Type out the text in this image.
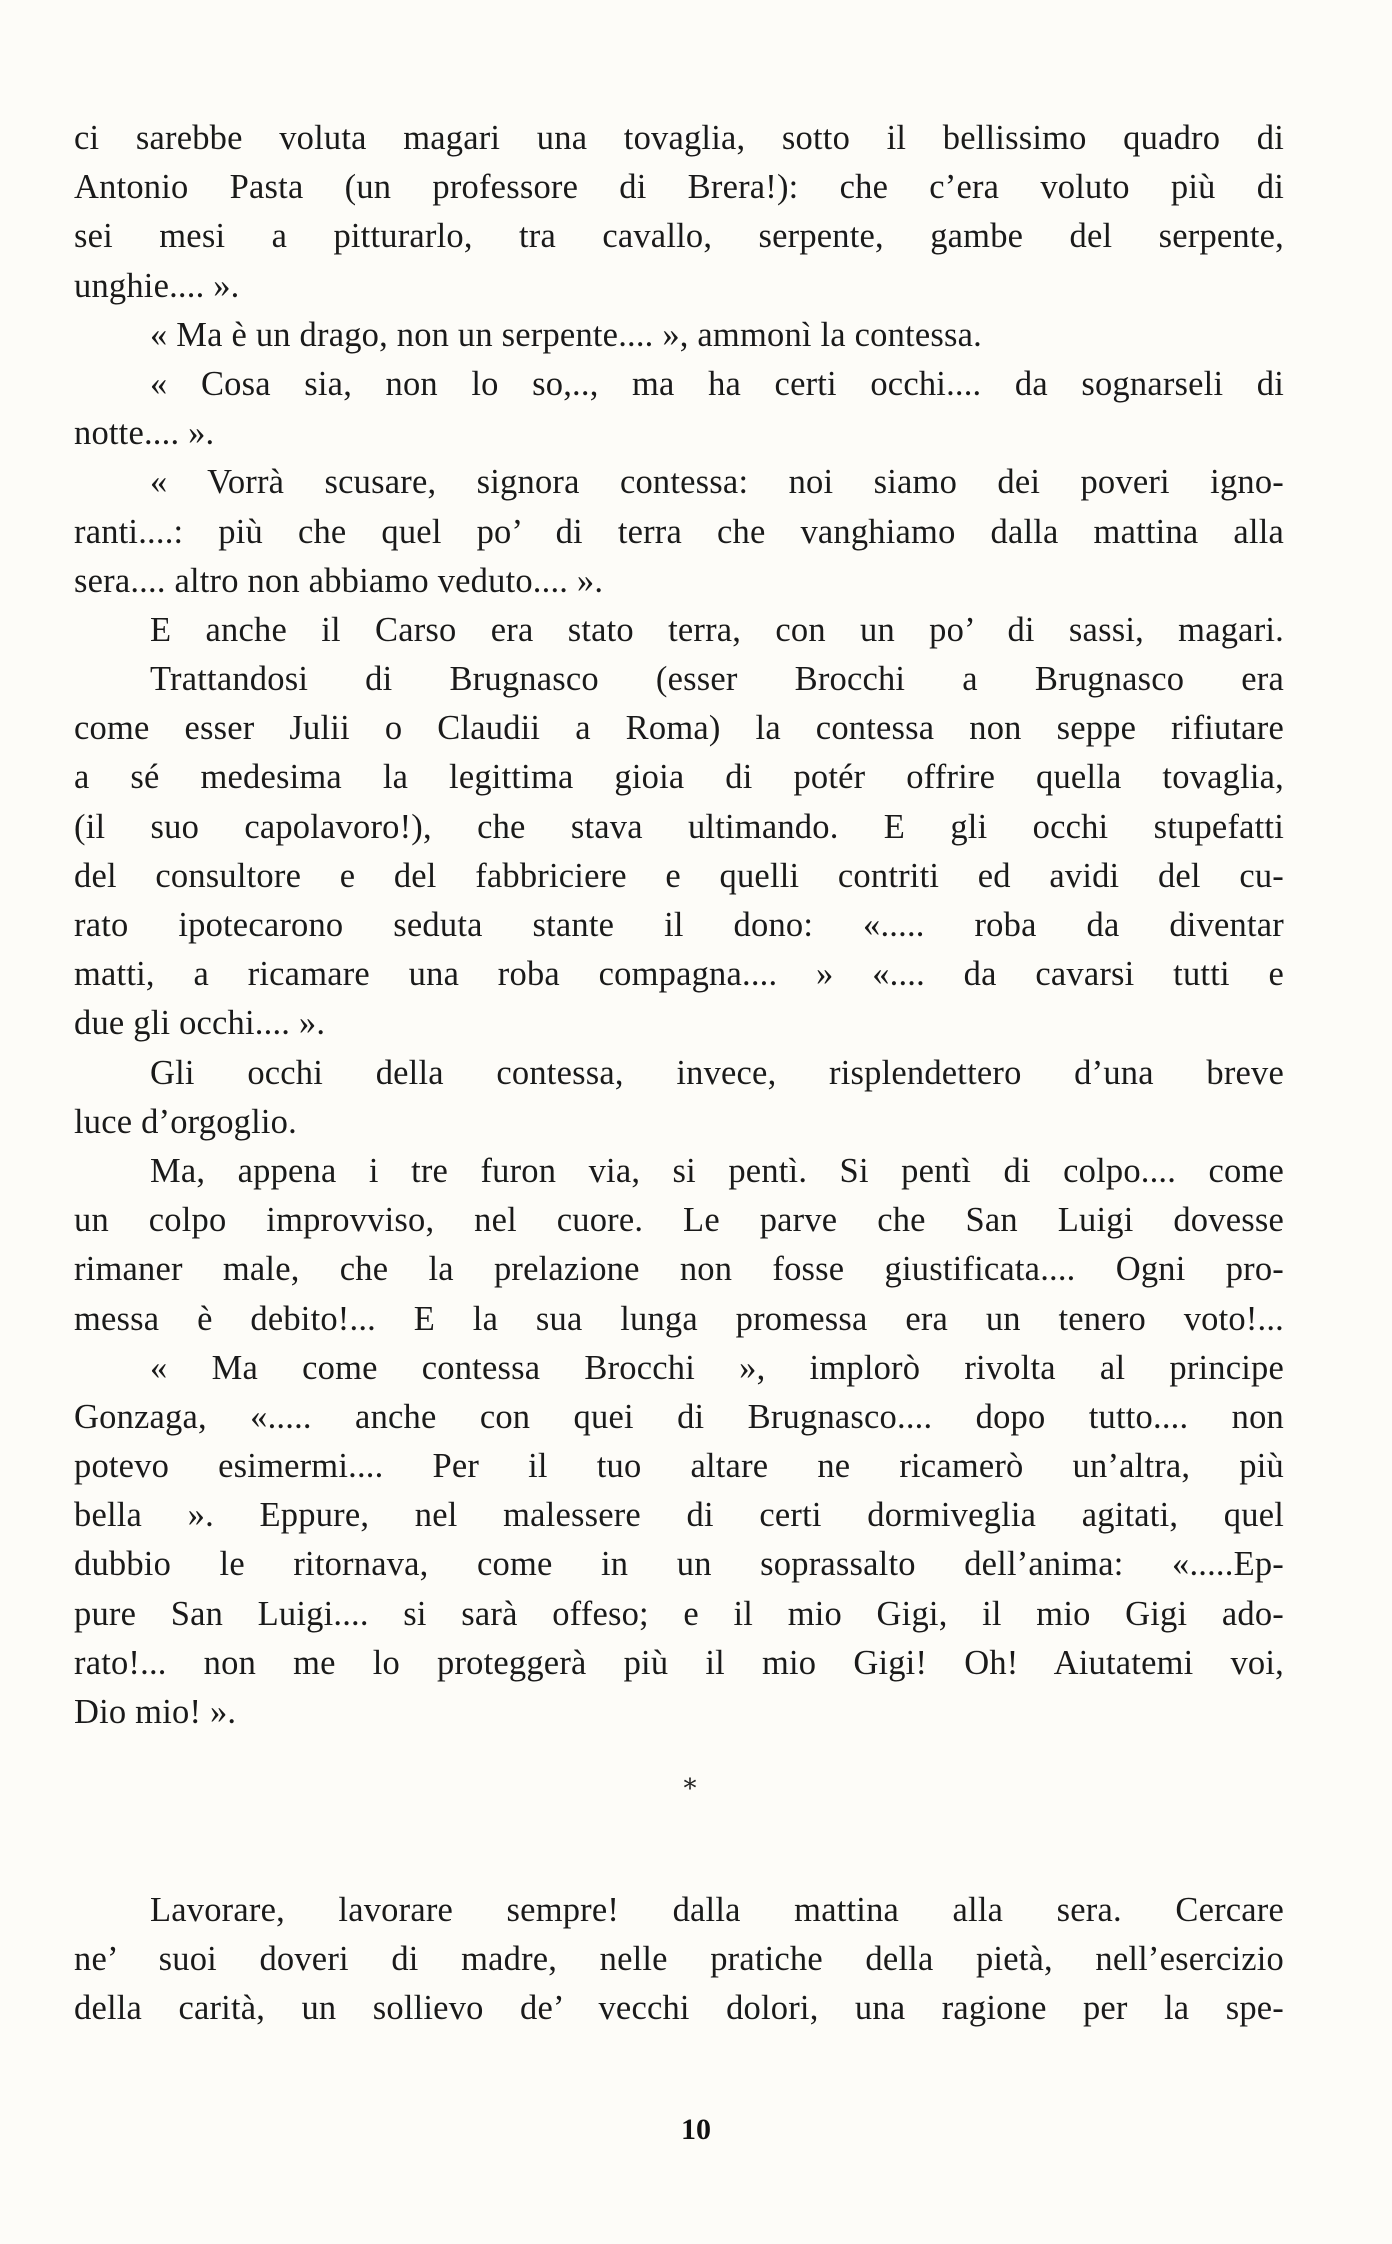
ci sarebbe voluta magari una tovaglia, sotto il bellissimo quadro di
Antonio Pasta (un professore di Brera!): che c’era voluto più di
sei mesi a pitturarlo, tra cavallo, serpente, gambe del serpente,
unghie.... ».
« Ma è un drago, non un serpente.... », ammonì la contessa.
« Cosa sia, non lo so,.., ma ha certi occhi.... da sognarseli di
notte.... ».
« Vorrà scusare, signora contessa: noi siamo dei poveri igno-
ranti....: più che quel po’ di terra che vanghiamo dalla mattina alla
sera.... altro non abbiamo veduto.... ».
E anche il Carso era stato terra, con un po’ di sassi, magari.
Trattandosi di Brugnasco (esser Brocchi a Brugnasco era
come esser Julii o Claudii a Roma) la contessa non seppe rifiutare
a sé medesima la legittima gioia di potér offrire quella tovaglia,
(il suo capolavoro!), che stava ultimando. E gli occhi stupefatti
del consultore e del fabbriciere e quelli contriti ed avidi del cu-
rato ipotecarono seduta stante il dono: «..... roba da diventar
matti, a ricamare una roba compagna.... » «.... da cavarsi tutti e
due gli occhi.... ».
Gli occhi della contessa, invece, risplendettero d’una breve
luce d’orgoglio.
Ma, appena i tre furon via, si pentì. Si pentì di colpo.... come
un colpo improvviso, nel cuore. Le parve che San Luigi dovesse
rimaner male, che la prelazione non fosse giustificata.... Ogni pro-
messa è debito!... E la sua lunga promessa era un tenero voto!...
« Ma come contessa Brocchi », implorò rivolta al principe
Gonzaga, «..... anche con quei di Brugnasco.... dopo tutto.... non
potevo esimermi.... Per il tuo altare ne ricamerò un’altra, più
bella ». Eppure, nel malessere di certi dormiveglia agitati, quel
dubbio le ritornava, come in un soprassalto dell’anima: «.....Ep-
pure San Luigi.... si sarà offeso; e il mio Gigi, il mio Gigi ado-
rato!... non me lo proteggerà più il mio Gigi! Oh! Aiutatemi voi,
Dio mio! ».
*
Lavorare, lavorare sempre! dalla mattina alla sera. Cercare
ne’ suoi doveri di madre, nelle pratiche della pietà, nell’esercizio
della carità, un sollievo de’ vecchi dolori, una ragione per la spe-
10
